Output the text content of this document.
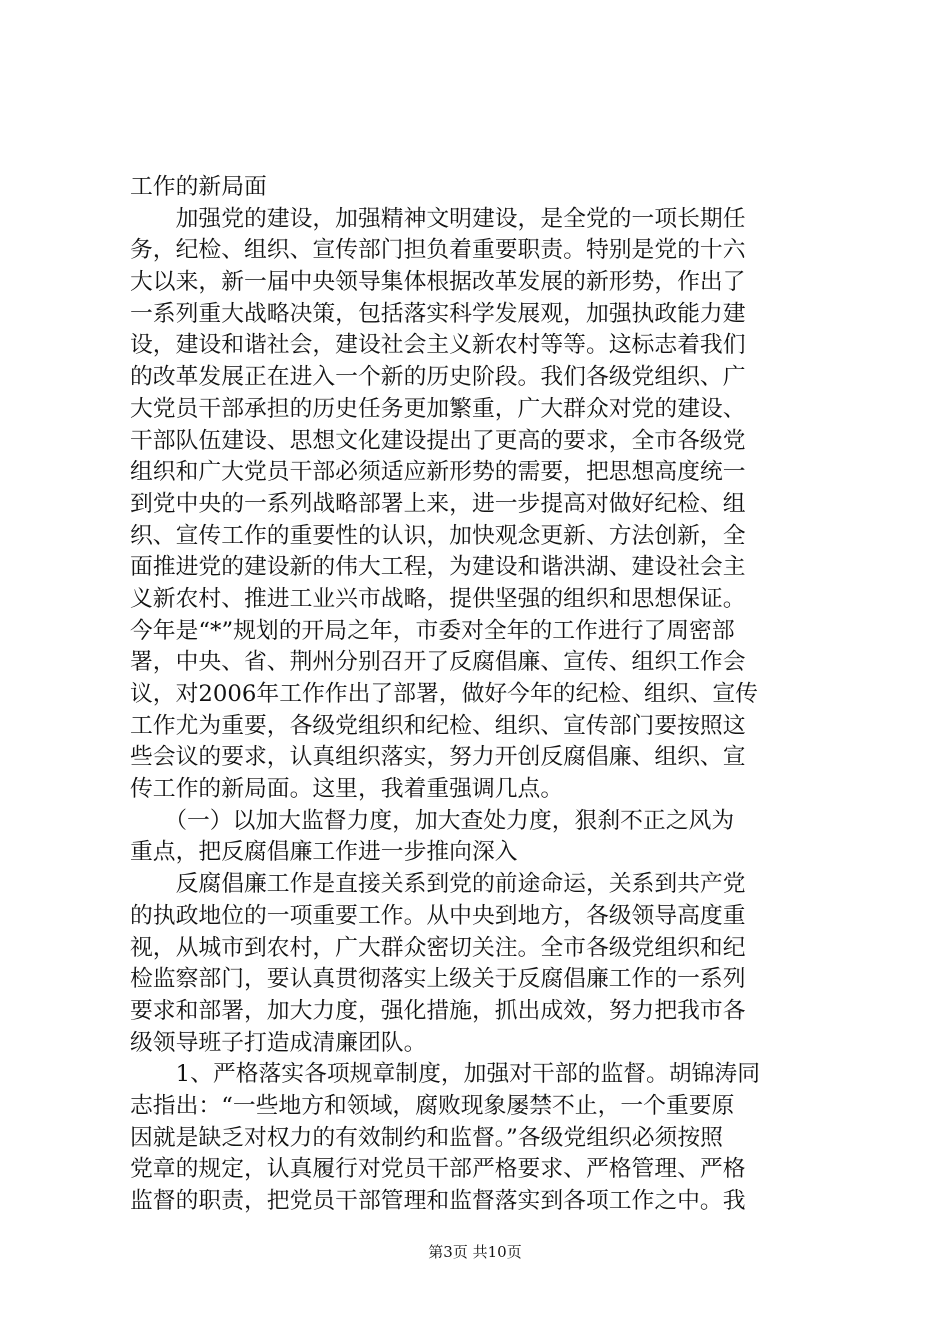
工作的新局面
　　加强党的建设，加强精神文明建设，是全党的一项长期任
务，纪检、组织、宣传部门担负着重要职责。特别是党的十六
大以来，新一届中央领导集体根据改革发展的新形势，作出了
一系列重大战略决策，包括落实科学发展观，加强执政能力建
设，建设和谐社会，建设社会主义新农村等等。这标志着我们
的改革发展正在进入一个新的历史阶段。我们各级党组织、广
大党员干部承担的历史任务更加繁重，广大群众对党的建设、
干部队伍建设、思想文化建设提出了更高的要求，全市各级党
组织和广大党员干部必须适应新形势的需要，把思想高度统一
到党中央的一系列战略部署上来，进一步提高对做好纪检、组
织、宣传工作的重要性的认识，加快观念更新、方法创新，全
面推进党的建设新的伟大工程，为建设和谐洪湖、建设社会主
义新农村、推进工业兴市战略，提供坚强的组织和思想保证。
今年是“*”规划的开局之年，市委对全年的工作进行了周密部
署，中央、省、荆州分别召开了反腐倡廉、宣传、组织工作会
议，对2006年工作作出了部署，做好今年的纪检、组织、宣传
工作尤为重要，各级党组织和纪检、组织、宣传部门要按照这
些会议的要求，认真组织落实，努力开创反腐倡廉、组织、宣
传工作的新局面。这里，我着重强调几点。
　　（一）以加大监督力度，加大查处力度，狠刹不正之风为
重点，把反腐倡廉工作进一步推向深入
　　反腐倡廉工作是直接关系到党的前途命运，关系到共产党
的执政地位的一项重要工作。从中央到地方，各级领导高度重
视，从城市到农村，广大群众密切关注。全市各级党组织和纪
检监察部门，要认真贯彻落实上级关于反腐倡廉工作的一系列
要求和部署，加大力度，强化措施，抓出成效，努力把我市各
级领导班子打造成清廉团队。
　　1、严格落实各项规章制度，加强对干部的监督。胡锦涛同
志指出：“一些地方和领域，腐败现象屡禁不止，一个重要原
因就是缺乏对权力的有效制约和监督。”各级党组织必须按照
党章的规定，认真履行对党员干部严格要求、严格管理、严格
监督的职责，把党员干部管理和监督落实到各项工作之中。我
第3页 共10页
